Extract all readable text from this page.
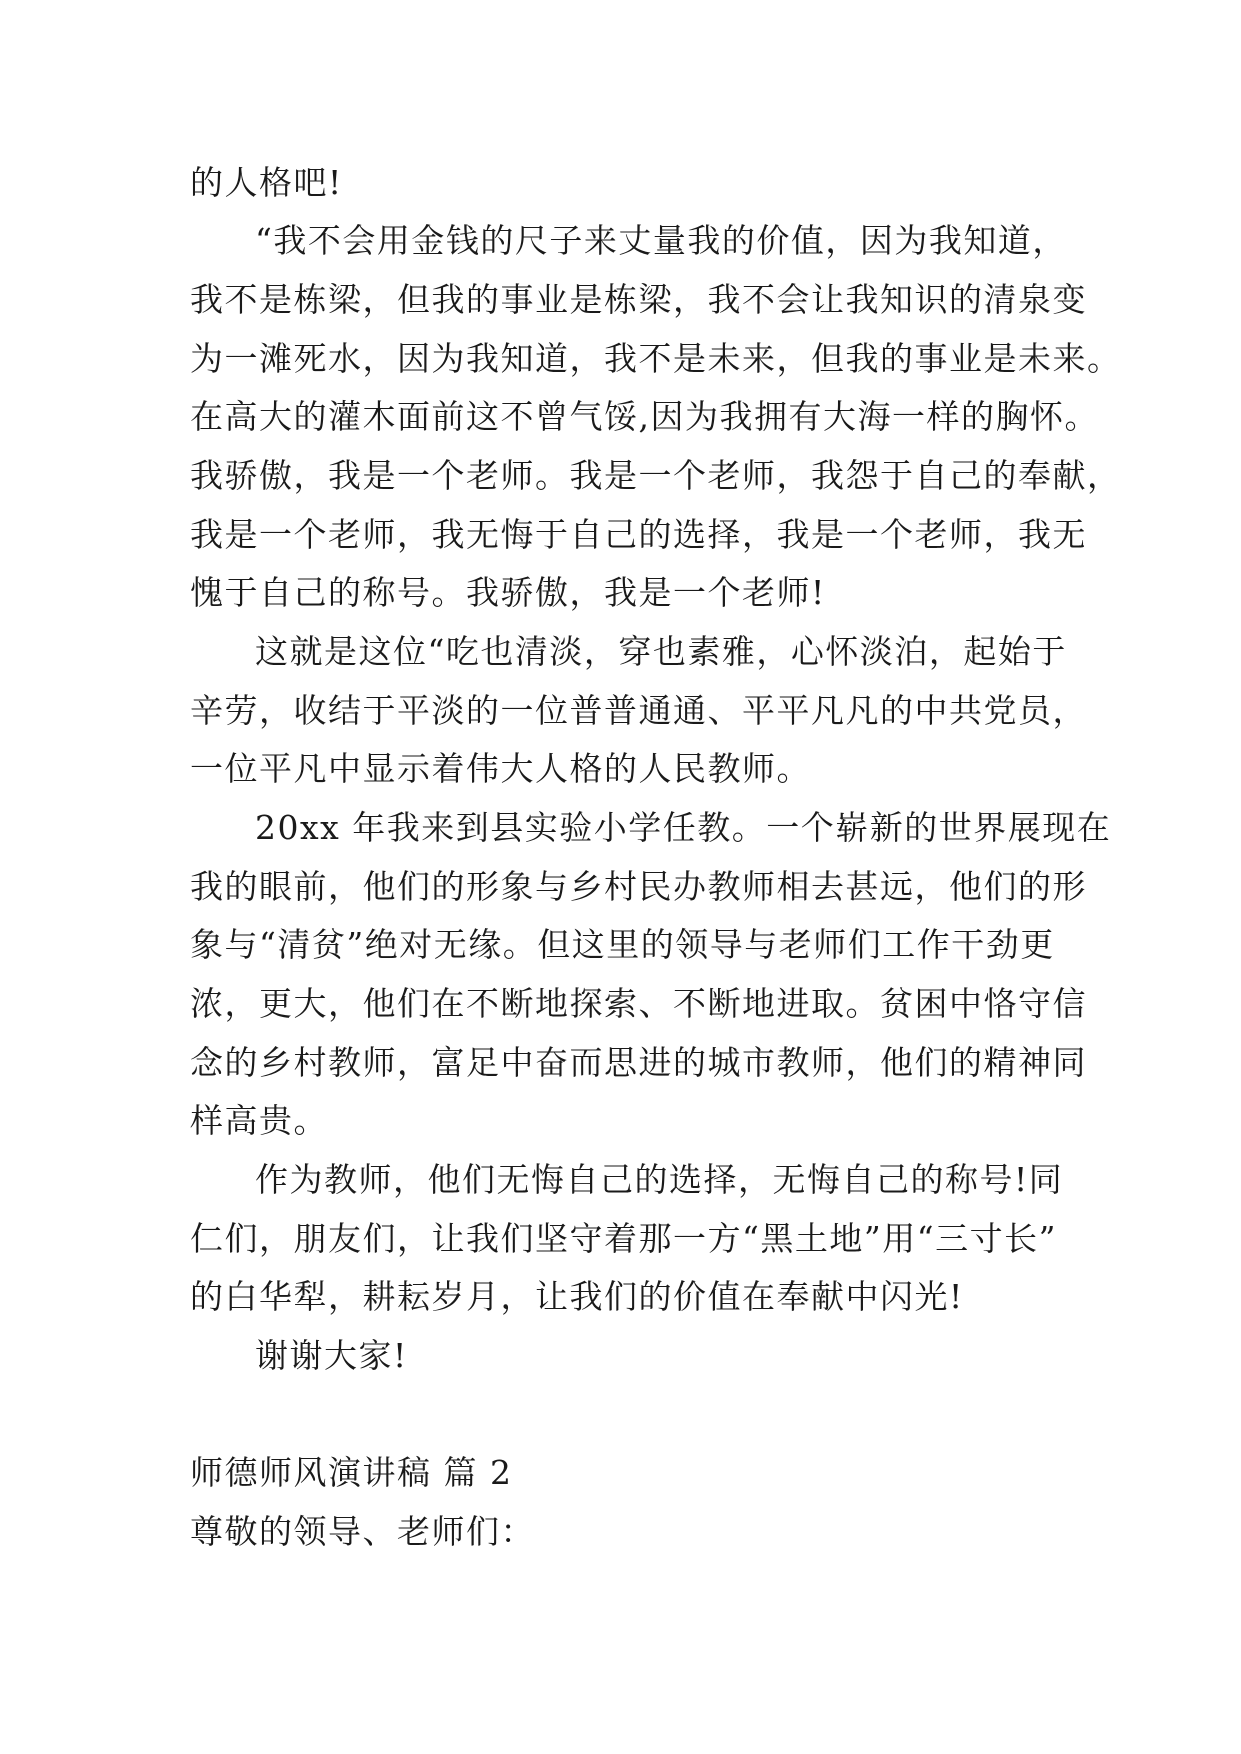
的人格吧!
“我不会用金钱的尺子来丈量我的价值，因为我知道，
我不是栋梁，但我的事业是栋梁，我不会让我知识的清泉变
为一滩死水，因为我知道，我不是未来，但我的事业是未来。
在高大的灌木面前这不曾气馁,因为我拥有大海一样的胸怀。
我骄傲，我是一个老师。我是一个老师，我怨于自己的奉献，
我是一个老师，我无悔于自己的选择，我是一个老师，我无
愧于自己的称号。我骄傲，我是一个老师!
这就是这位“吃也清淡，穿也素雅，心怀淡泊，起始于
辛劳，收结于平淡的一位普普通通、平平凡凡的中共党员，
一位平凡中显示着伟大人格的人民教师。
20xx 年我来到县实验小学任教。一个崭新的世界展现在
我的眼前，他们的形象与乡村民办教师相去甚远，他们的形
象与“清贫”绝对无缘。但这里的领导与老师们工作干劲更
浓，更大，他们在不断地探索、不断地进取。贫困中恪守信
念的乡村教师，富足中奋而思进的城市教师，他们的精神同
样高贵。
作为教师，他们无悔自己的选择，无悔自己的称号!同
仁们，朋友们，让我们坚守着那一方“黑土地”用“三寸长”
的白华犁，耕耘岁月，让我们的价值在奉献中闪光!
谢谢大家!
师德师风演讲稿 篇 2
尊敬的领导、老师们：
